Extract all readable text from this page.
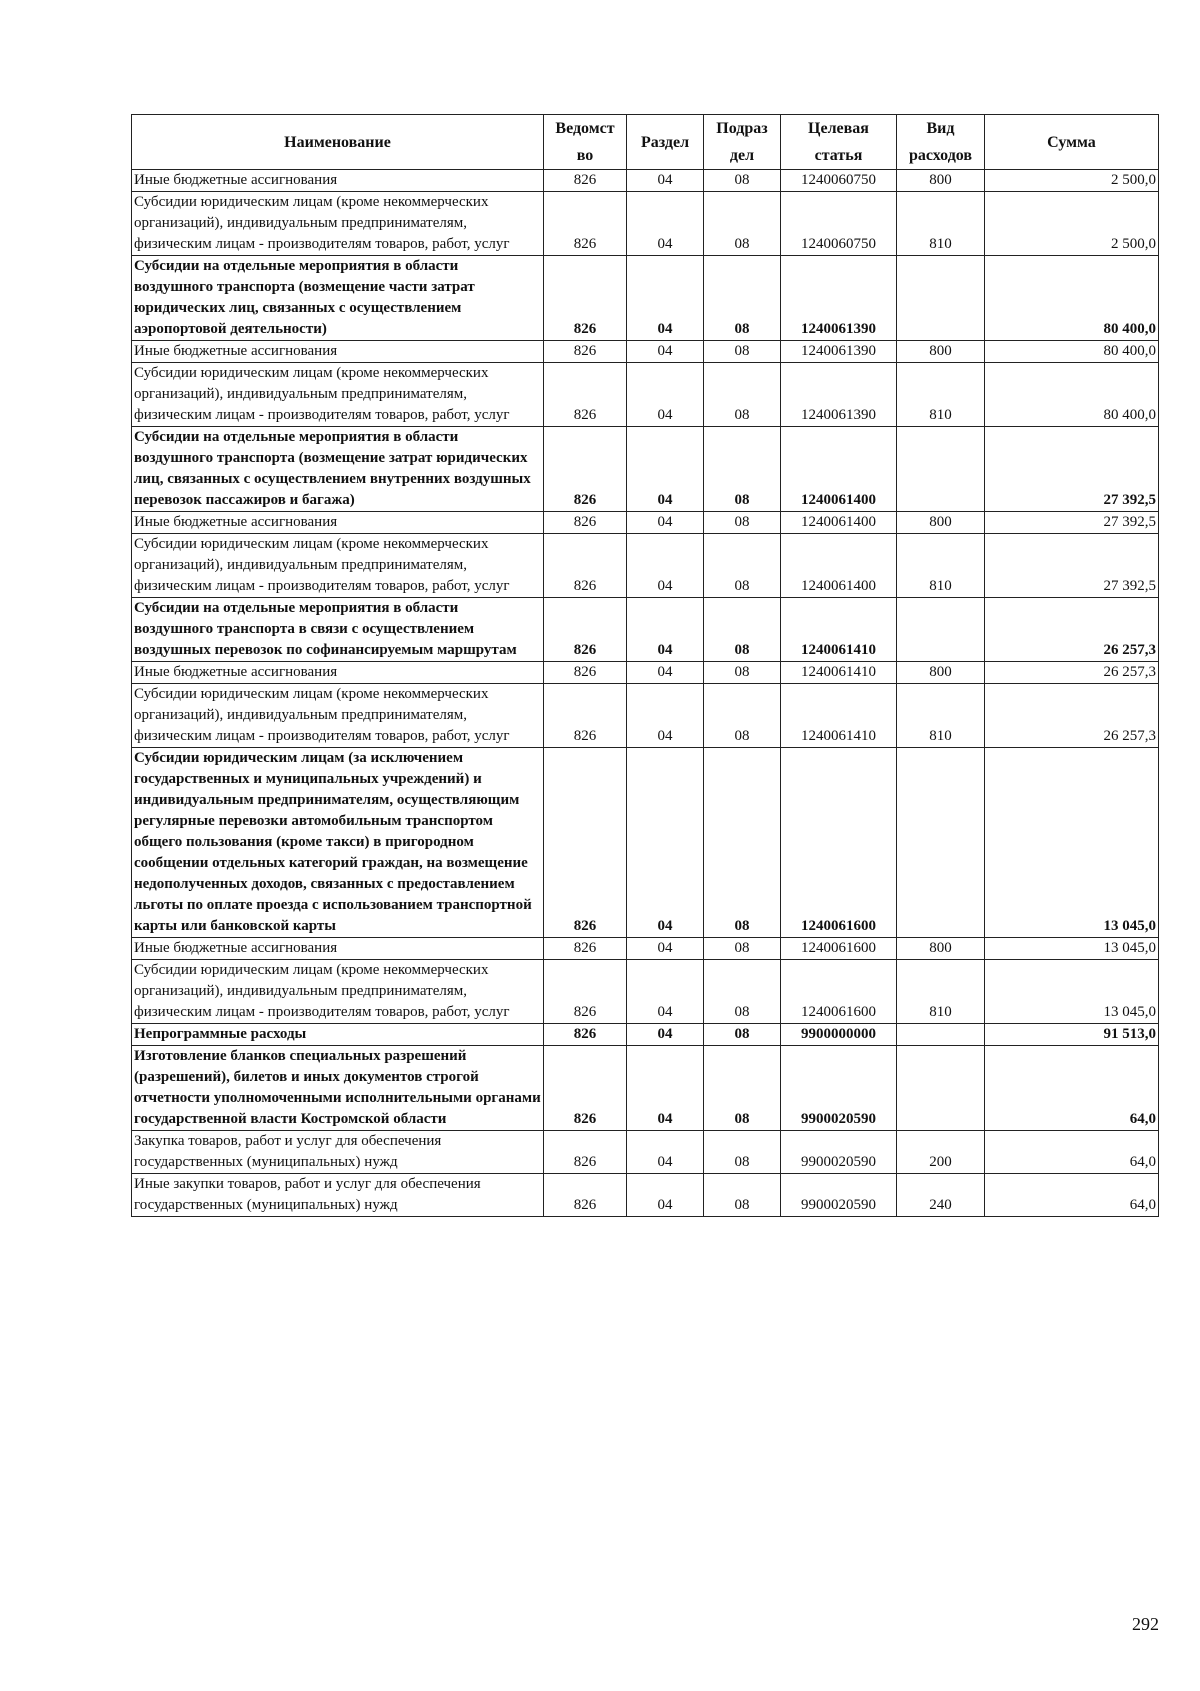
Наименование	Ведомст во	Раздел	Подраз дел	Целевая статья	Вид расходов	Сумма
Иные бюджетные ассигнования	826	04	08	1240060750	800	2 500,0
Субсидии юридическим лицам (кроме некоммерческих организаций), индивидуальным предпринимателям, физическим лицам - производителям товаров, работ, услуг	826	04	08	1240060750	810	2 500,0
Субсидии на отдельные мероприятия в области воздушного транспорта (возмещение части затрат юридических лиц, связанных с осуществлением аэропортовой деятельности)	826	04	08	1240061390		80 400,0
Иные бюджетные ассигнования	826	04	08	1240061390	800	80 400,0
Субсидии юридическим лицам (кроме некоммерческих организаций), индивидуальным предпринимателям, физическим лицам - производителям товаров, работ, услуг	826	04	08	1240061390	810	80 400,0
Субсидии на отдельные мероприятия в области воздушного транспорта (возмещение затрат юридических лиц, связанных с осуществлением внутренних воздушных перевозок пассажиров и багажа)	826	04	08	1240061400		27 392,5
Иные бюджетные ассигнования	826	04	08	1240061400	800	27 392,5
Субсидии юридическим лицам (кроме некоммерческих организаций), индивидуальным предпринимателям, физическим лицам - производителям товаров, работ, услуг	826	04	08	1240061400	810	27 392,5
Субсидии на отдельные мероприятия в области воздушного транспорта в связи с осуществлением воздушных перевозок по софинансируемым маршрутам	826	04	08	1240061410		26 257,3
Иные бюджетные ассигнования	826	04	08	1240061410	800	26 257,3
Субсидии юридическим лицам (кроме некоммерческих организаций), индивидуальным предпринимателям, физическим лицам - производителям товаров, работ, услуг	826	04	08	1240061410	810	26 257,3
Субсидии юридическим лицам (за исключением государственных и муниципальных учреждений) и индивидуальным предпринимателям, осуществляющим регулярные перевозки автомобильным транспортом общего пользования (кроме такси) в пригородном сообщении отдельных категорий граждан, на возмещение недополученных доходов, связанных с предоставлением льготы по оплате проезда с использованием транспортной карты или банковской карты	826	04	08	1240061600		13 045,0
Иные бюджетные ассигнования	826	04	08	1240061600	800	13 045,0
Субсидии юридическим лицам (кроме некоммерческих организаций), индивидуальным предпринимателям, физическим лицам - производителям товаров, работ, услуг	826	04	08	1240061600	810	13 045,0
Непрограммные расходы	826	04	08	9900000000		91 513,0
Изготовление бланков специальных разрешений (разрешений), билетов и иных документов строгой отчетности уполномоченными исполнительными органами государственной власти Костромской области	826	04	08	9900020590		64,0
Закупка товаров, работ и услуг для обеспечения государственных (муниципальных) нужд	826	04	08	9900020590	200	64,0
Иные закупки товаров, работ и услуг для обеспечения государственных (муниципальных) нужд	826	04	08	9900020590	240	64,0
292
